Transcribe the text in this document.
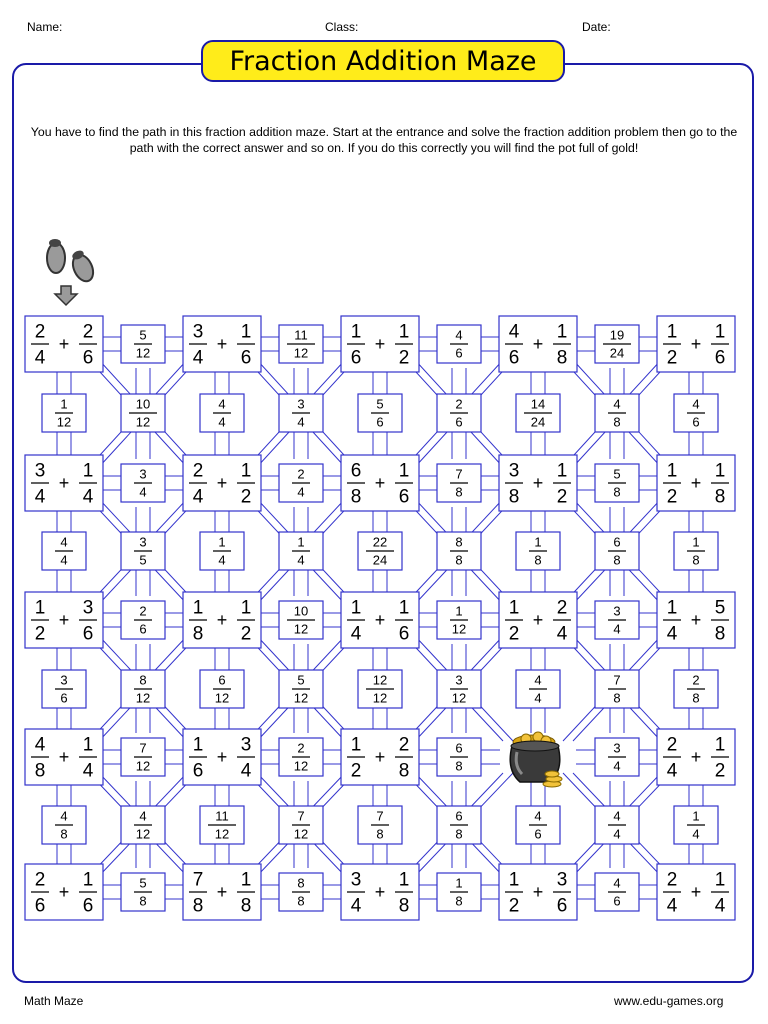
Name:	Class:	Date:
Fraction Addition Maze
You have to find the path in this fraction addition maze. Start at the entrance and solve the fraction addition problem then go to the path with the correct answer and so on. If you do this correctly you will find the pot full of gold!
2
4
+
2
6
3
4
+
1
6
1
6
+
1
2
4
6
+
1
8
1
2
+
1
6
3
4
+
1
4
2
4
+
1
2
6
8
+
1
6
3
8
+
1
2
1
2
+
1
8
1
2
+
3
6
1
8
+
1
2
1
4
+
1
6
1
2
+
2
4
1
4
+
5
8
4
8
+
1
4
1
6
+
3
4
1
2
+
2
8
2
4
+
1
2
2
6
+
1
6
7
8
+
1
8
3
4
+
1
8
1
2
+
3
6
2
4
+
1
4
5
12
11
12
4
6
19
24
3
4
2
4
7
8
5
8
2
6
10
12
1
12
3
4
7
12
2
12
6
8
3
4
5
8
8
8
1
8
4
6
1
12
10
12
4
4
3
4
5
6
2
6
14
24
4
8
4
6
4
4
3
5
1
4
1
4
22
24
8
8
1
8
6
8
1
8
3
6
8
12
6
12
5
12
12
12
3
12
4
4
7
8
2
8
4
8
4
12
11
12
7
12
7
8
6
8
4
6
4
4
1
4
Math Maze	www.edu-games.org
